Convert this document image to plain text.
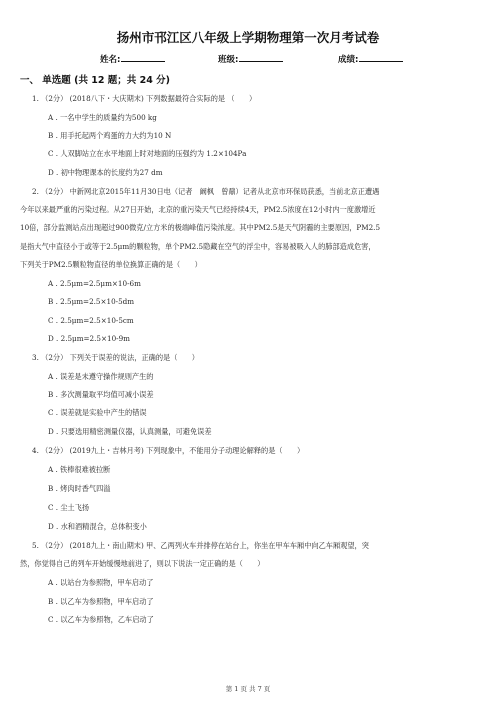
扬州市邗江区八年级上学期物理第一次月考试卷
姓名:	班级:	成绩:
一、 单选题 (共 12 题；共 24 分)
1. （2分） (2018八下・大庆期末) 下列数据最符合实际的是 （　　）
A . 一名中学生的质量约为500 kg
B . 用手托起两个鸡蛋的力大约为10 N
C . 人双脚站立在水平地面上时对地面的压强约为 1.2×104Pa
D . 初中物理课本的长度约为27 dm
2. （2分） 中新网北京2015年11月30日电（记者　阚枫　曾鼐）记者从北京市环保局获悉，当前北京正遭遇
今年以来最严重的污染过程。从27日开始，北京的重污染天气已经持续4天，PM2.5浓度在12小时内一度激增近
10倍，部分监测站点出现超过900微克/立方米的极端峰值污染浓度。其中PM2.5是天气阴霾的主要原因，PM2.5
是指大气中直径小于或等于2.5μm的颗粒物，单个PM2.5隐藏在空气的浮尘中，容易被吸入人的肺部造成危害，
下列关于PM2.5颗粒物直径的单位换算正确的是（　　）
A . 2.5μm=2.5μm×10-6m
B . 2.5μm=2.5×10-5dm
C . 2.5μm=2.5×10-5cm
D . 2.5μm=2.5×10-9m
3. （2分） 下列关于误差的说法，正确的是（　　）
A . 误差是未遵守操作规则产生的
B . 多次测量取平均值可减小误差
C . 误差就是实验中产生的错误
D . 只要选用精密测量仪器，认真测量，可避免误差
4. （2分） (2019九上・吉林月考) 下列现象中，不能用分子动理论解释的是（　　）
A . 铁棒很难被拉断
B . 烤肉时香气四溢
C . 尘土飞扬
D . 水和酒精混合，总体积变小
5. （2分） (2018九上・南山期末) 甲、乙两列火车并排停在站台上，你坐在甲车车厢中向乙车厢观望，突
然，你觉得自己的列车开始缓慢地前进了，则以下说法一定正确的是（　　）
A . 以站台为参照物，甲车启动了
B . 以乙车为参照物，甲车启动了
C . 以乙车为参照物，乙车启动了
第 1 页 共 7 页
